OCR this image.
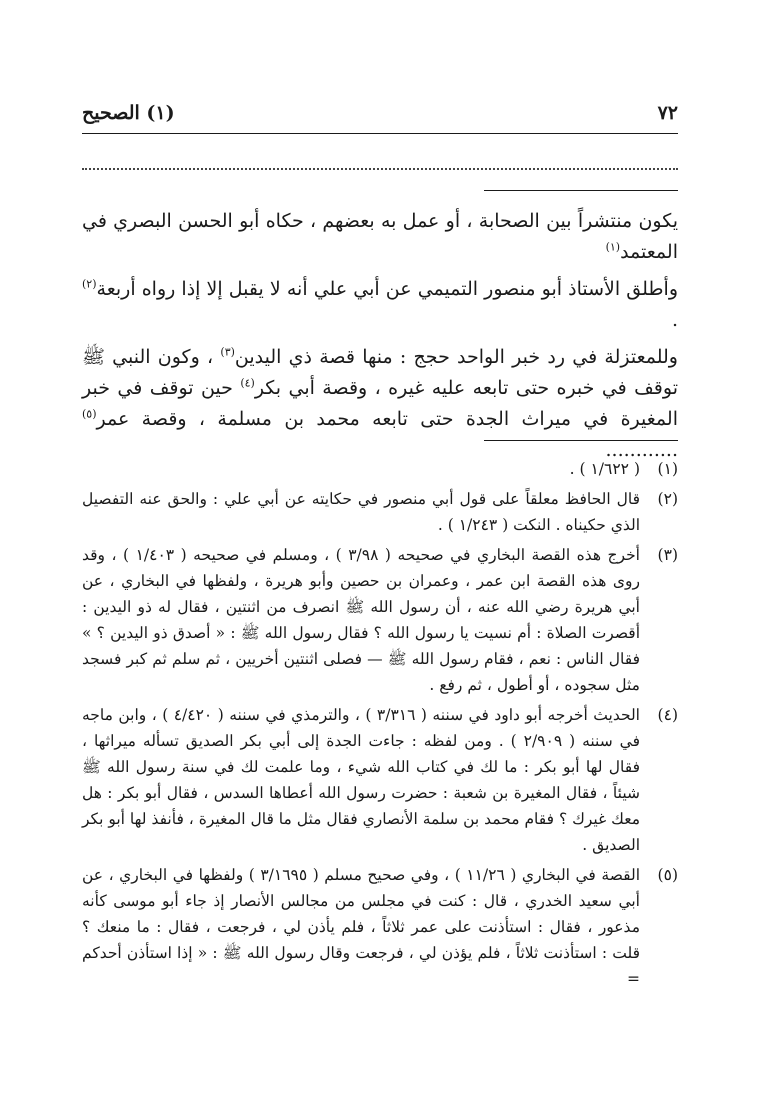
٧٢
(١) الصحيح

يكون منتشراً بين الصحابة ، أو عمل به بعضهم ، حكاه أبو الحسن البصري في المعتمد$^{(١)}$

وأطلق الأستاذ أبو منصور التميمي عن أبي علي أنه لا يقبل إلا إذا رواه أربعة$^{(٢)}$ .

وللمعتزلة في رد خبر الواحد حجج : منها قصة ذي اليدين$^{(٣)}$ ، وكون النبي ﷺ توقف في خبره حتى تابعه عليه غيره ، وقصة أبي بكر$^{(٤)}$ حين توقف في خبر المغيرة في ميراث الجدة حتى تابعه محمد بن مسلمة ، وقصة عمر$^{(٥)}$ ............

(١)
( ١/٦٢٢ ) .
(٢)
قال الحافظ معلقاً على قول أبي منصور في حكايته عن أبي علي : والحق عنه التفصيل الذي حكيناه . النكت ( ١/٢٤٣ ) .
(٣)
أخرج هذه القصة البخاري في صحيحه ( ٣/٩٨ ) ، ومسلم في صحيحه ( ١/٤٠٣ ) ، وقد روى هذه القصة ابن عمر ، وعمران بن حصين وأبو هريرة ، ولفظها في البخاري ، عن أبي هريرة رضي الله عنه ، أن رسول الله ﷺ انصرف من اثنتين ، فقال له ذو اليدين : أقصرت الصلاة : أم نسيت يا رسول الله ؟ فقال رسول الله ﷺ : « أصدق ذو اليدين ؟ » فقال الناس : نعم ، فقام رسول الله ﷺ — فصلى اثنتين أخريين ، ثم سلم ثم كبر فسجد مثل سجوده ، أو أطول ، ثم رفع .
(٤)
الحديث أخرجه أبو داود في سننه ( ٣/٣١٦ ) ، والترمذي في سننه ( ٤/٤٢٠ ) ، وابن ماجه في سننه ( ٢/٩٠٩ ) . ومن لفظه : جاءت الجدة إلى أبي بكر الصديق تسأله ميراثها ، فقال لها أبو بكر : ما لك في كتاب الله شيء ، وما علمت لك في سنة رسول الله ﷺ شيئاً ، فقال المغيرة بن شعبة : حضرت رسول الله أعطاها السدس ، فقال أبو بكر : هل معك غيرك ؟ فقام محمد بن سلمة الأنصاري فقال مثل ما قال المغيرة ، فأنفذ لها أبو بكر الصديق .
(٥)
القصة في البخاري ( ١١/٢٦ ) ، وفي صحيح مسلم ( ٣/١٦٩٥ ) ولفظها في البخاري ، عن أبي سعيد الخدري ، قال : كنت في مجلس من مجالس الأنصار إذ جاء أبو موسى كأنه مذعور ، فقال : استأذنت على عمر ثلاثاً ، فلم يأذن لي ، فرجعت ، فقال : ما منعك ؟ قلت : استأذنت ثلاثاً ، فلم يؤذن لي ، فرجعت وقال رسول الله ﷺ : « إذا استأذن أحدكم =
